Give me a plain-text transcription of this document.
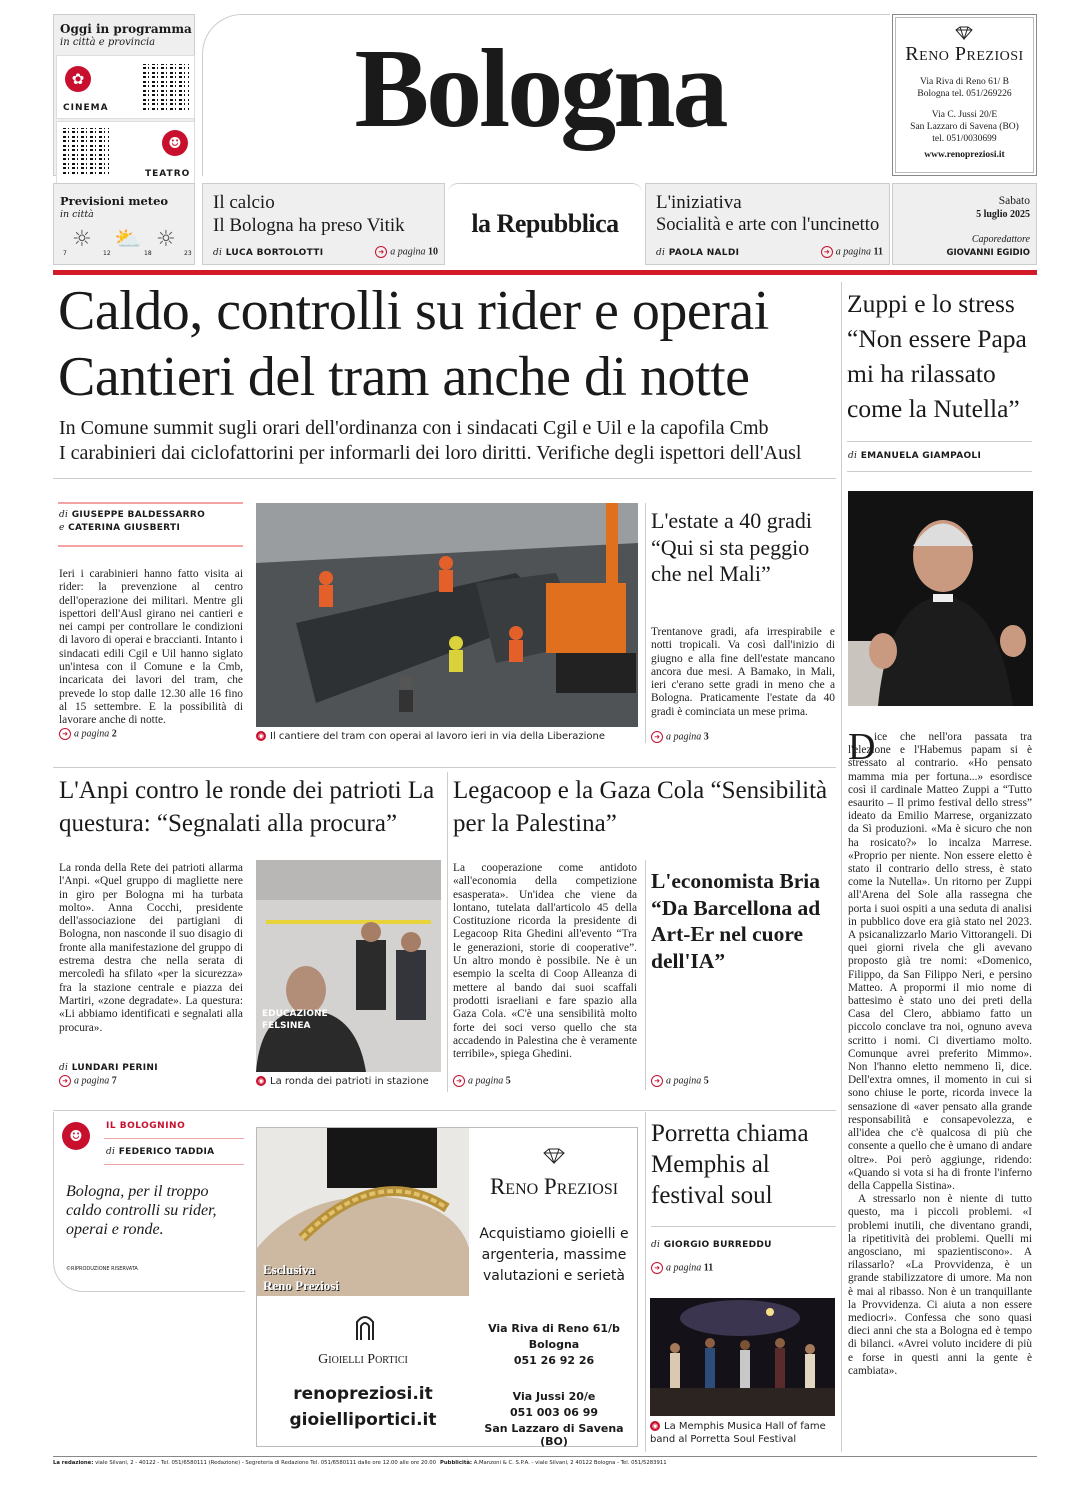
Oggi in programma
in città e provincia
✿
CINEMA
☻
TEATRO
Bologna	Reno Preziosi
Via Riva di Reno 61/ B
Bologna tel. 051/269226
Via C. Jussi 20/E
San Lazzaro di Savena (BO)
tel. 051/0030699
www.renopreziosi.it
Previsioni meteo
in città
☼ ⛅ ☼
7	12	18	23
Il calcio
Il Bologna ha preso Vitik
di LUCA BORTOLOTTI	➜ a pagina 10
la Repubblica
L'iniziativa
Socialità e arte con l'uncinetto
di PAOLA NALDI	➜ a pagina 11
Sabato
5 luglio 2025
Caporedattore
GIOVANNI EGIDIO
Caldo, controlli su rider e operai
Cantieri del tram anche di notte
In Comune summit sugli orari dell'ordinanza con i sindacati Cgil e Uil e la capofila Cmb
I carabinieri dai ciclofattorini per informarli dei loro diritti. Verifiche degli ispettori dell'Ausl
di GIUSEPPE BALDESSARRO
e CATERINA GIUSBERTI
Ieri i carabinieri hanno fatto visita ai rider: la prevenzione al centro dell'operazione dei militari. Mentre gli ispettori dell'Ausl girano nei cantieri e nei campi per controllare le condizioni di lavoro di operai e braccianti. Intanto i sindacati edili Cgil e Uil hanno siglato un'intesa con il Comune e la Cmb, incaricata dei lavori del tram, che prevede lo stop dalle 12.30 alle 16 fino al 15 settembre. E la possibilità di lavorare anche di notte.
➜ a pagina 2	◉ Il cantiere del tram con operai al lavoro ieri in via della Liberazione
L'estate a 40 gradi “Qui si sta peggio che nel Mali”
Trentanove gradi, afa irrespirabile e notti tropicali. Va così dall'inizio di giugno e alla fine dell'estate mancano ancora due mesi. A Bamako, in Mali, ieri c'erano sette gradi in meno che a Bologna. Praticamente l'estate da 40 gradi è cominciata un mese prima.
➜ a pagina 3
Zuppi e lo stress “Non essere Papa mi ha rilassato come la Nutella”
di EMANUELA GIAMPAOLI
D
ice che nell'ora passata tra l'elezione e l'Habemus papam si è stressato al contrario. «Ho pensato mamma mia per fortuna...» esordisce così il cardinale Matteo Zuppi a “Tutto esaurito – Il primo festival dello stress” ideato da Emilio Marrese, organizzato da Sì produzioni. «Ma è sicuro che non ha rosicato?» lo incalza Marrese. «Proprio per niente. Non essere eletto è stato il contrario dello stress, è stato come la Nutella». Un ritorno per Zuppi all'Arena del Sole alla rassegna che porta i suoi ospiti a una seduta di analisi in pubblico dove era già stato nel 2023. A psicanalizzarlo Mario Vittorangeli. Di quei giorni rivela che gli avevano proposto già tre nomi: «Domenico, Filippo, da San Filippo Neri, e persino Matteo. A propormi il mio nome di battesimo è stato uno dei preti della Casa del Clero, abbiamo fatto un piccolo conclave tra noi, ognuno aveva scritto i nomi. Ci divertiamo molto. Comunque avrei preferito Mimmo». Non l'hanno eletto nemmeno lì, dice. Dell'extra omnes, il momento in cui si sono chiuse le porte, ricorda invece la sensazione di «aver pensato alla grande responsabilità e consapevolezza, e all'idea che c'è qualcosa di più che consente a quello che è umano di andare oltre». Poi però aggiunge, ridendo: «Quando si vota si ha di fronte l'inferno della Cappella Sistina».

A stressarlo non è niente di tutto questo, ma i piccoli problemi. «I problemi inutili, che diventano grandi, la ripetitività dei problemi. Quelli mi angosciano, mi spazientiscono». A rilassarlo? «La Provvidenza, è un grande stabilizzatore di umore. Ma non è mai al ribasso. Non è un tranquillante la Provvidenza. Ci aiuta a non essere mediocri». Confessa che sono quasi dieci anni che sta a Bologna ed è tempo di bilanci. «Avrei voluto incidere di più e forse in questi anni la gente è cambiata».
L'Anpi contro le ronde dei patrioti La questura: “Segnalati alla procura”
La ronda della Rete dei patrioti allarma l'Anpi. «Quel gruppo di magliette nere in giro per Bologna mi ha turbata molto». Anna Cocchi, presidente dell'associazione dei partigiani di Bologna, non nasconde il suo disagio di fronte alla manifestazione del gruppo di estrema destra che nella serata di mercoledì ha sfilato «per la sicurezza» fra la stazione centrale e piazza dei Martiri, «zone degradate». La questura: «Li abbiamo identificati e segnalati alla procura».
di LUNDARI PERINI
➜ a pagina 7
EDUCAZIONE FELSINEA
◉ La ronda dei patrioti in stazione
Legacoop e la Gaza Cola “Sensibilità per la Palestina”
La cooperazione come antidoto «all'economia della competizione esasperata». Un'idea che viene da lontano, tutelata dall'articolo 45 della Costituzione ricorda la presidente di Legacoop Rita Ghedini all'evento “Tra le generazioni, storie di cooperative”. Un altro mondo è possibile. Ne è un esempio la scelta di Coop Alleanza di mettere al bando dai suoi scaffali prodotti israeliani e fare spazio alla Gaza Cola. «C'è una sensibilità molto forte dei soci verso quello che sta accadendo in Palestina che è veramente terribile», spiega Ghedini.
➜ a pagina 5
L'economista Bria “Da Barcellona ad Art-Er nel cuore dell'IA”
➜ a pagina 5
☻
IL BOLOGNINO
di FEDERICO TADDIA
Bologna, per il troppo caldo controlli su rider, operai e ronde.
©RIPRODUZIONE RISERVATA	Esclusiva
Reno Preziosi
Reno Preziosi
Acquistiamo gioielli e argenteria, massime valutazioni e serietà
Gioielli Portici
renopreziosi.it
gioielliportici.it
Via Riva di Reno 61/b
Bologna
051 26 92 26
Via Jussi 20/e
051 003 06 99
San Lazzaro di Savena (BO)
Porretta chiama Memphis al festival soul
di GIORGIO BURREDDU
➜ a pagina 11
◉ La Memphis Musica Hall of fame band al Porretta Soul Festival
La redazione: viale Silvani, 2 - 40122 - Tel. 051/6580111 (Redazione) - Segreteria di Redazione Tel. 051/6580111 dalle ore 12.00 alle ore 20.00 Pubblicità: A.Manzoni & C. S.P.A. - viale Silvani, 2 40122 Bologna - Tel. 051/5283911
